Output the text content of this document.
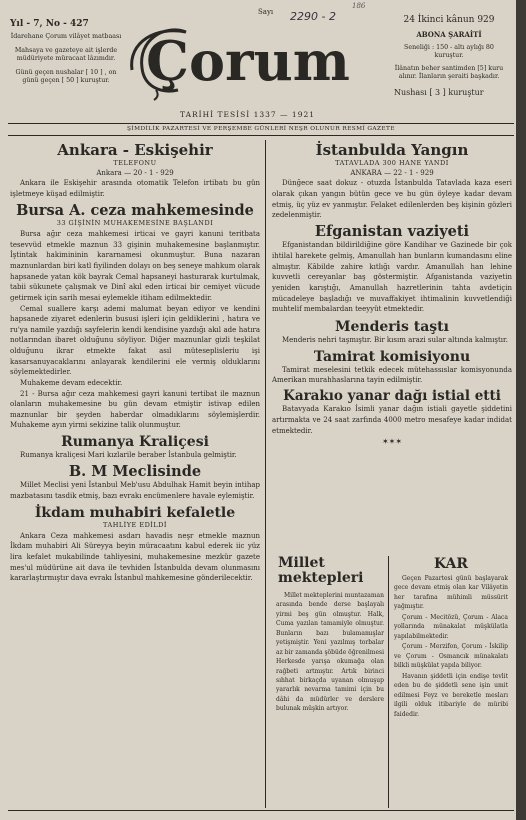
Yıl - 7, No - 427

İdarehane Çorum vilâyet matbaası

Mahsaya ve gazeteye ait işlerde müdüriyete müracaat lâzımdır.

Günü geçen nushalar [ 10 ] , on günü geçen [ 50 ] kuruştur.

Sayı 2290 - 2
186
Çorum
TARİHİ TESİSİ 1337 — 1921

24 İkinci kânun 929

ABONA ŞARAİTİ

Seneliği : 150 - altı aylığı 80 kuruştur.

İlânatın beher santimden [5] kuru alınır. İlanların şeraiti başkadır.

Nushası [ 3 ] kuruştur

ŞİMDİLİK PAZARTESİ VE PERŞEMBE GÜNLERİ NEŞR OLUNUR RESMÎ GAZETE
Ankara - Eskişehir
TELEFONU
Ankara — 20 - 1 - 929

Ankara ile Eskişehir arasında otomatik Telefon irtibatı bu gün işletmeye küşad edilmiştir.

Bursa A. ceza mahkemesinde
33 GİŞİNİN MUHAKEMESİNE BAŞLANDI

Bursa ağır ceza mahkemesi irticai ve gayri kanuni teritbata tesevvüd etmekle maznun 33 gişinin muhakemesine başlanmıştır. İştintak hakimininin kararnamesi okunmuştur. Buna nazaran maznunlardan biri katl fiyilinden dolayı on beş seneye mahkum olarak hapsanede yatan kök bayrak Cemal hapsaneyi hasturarak kurtulmak, tabii sükunete çalışmak ve Dinî akıl eden irticai bir cemiyet vücude getirmek için sarih mesai eylemekle itiham edilmektedir.

Cemal suallere karşı ademi malumat beyan ediyor ve kendini hapsanede ziyaret edenlerin bususi işleri için geldiklerini , hatıra ve ru'ya namile yazdığı sayfelerin kendi kendisine yazdığı akıl ade hatıra notlarından ibaret olduğunu söyliyor. Diğer maznunlar gizli teşkilat olduğunu ikrar etmekte fakat asıl müteseplisleriu işi kasarsanuyacaklarını anlayarak kendilerini ele vermiş olduklarını söylemektedirler.

Muhakeme devam edecektir.

21 - Bursa ağır ceza mahkemesi gayri kanuni tertibat ile maznun olanların muhakemesine bu gün devam etmiştir istivap edilen maznunlar bir şeyden haberdar olmadıklarını söylemişlerdir. Muhakeme ayın yirmi sekizine talik olunmuştur.

Rumanya Kraliçesi

Rumanya kraliçesi Mari kızlarile beraber İstanbula gelmiştir.

B. M Meclisinde

Millet Meclisi yeni İstanbul Meb'usu Abdulhak Hamit beyin intihap mazbatasını tasdik etmiş, bazı evrakı encümenlere havale eylemiştir.

İkdam muhabiri kefaletle
TAHLİYE EDİLDİ

Ankara Ceza mahkemesi asdarı havadis neşr etmekle maznun İkdam muhabiri Ali Süreyya beyin müracaatını kabul ederek iic yüz lira kefalet mukabilinde tahliyesini, muhakemesine mezkür gazete mes'ul müdürüne ait dava ile tevhiden İstanbulda devam olunmasını kararlaştırmıştır dava evrakı İstanbul mahkemesine gönderilecektir.

İstanbulda Yangın
TATAVLADA 300 HANE YANDI
ANKARA — 22 - 1 - 929

Dünğece saat dokuz - otuzda İstanbulda Tatavlada kaza eseri olarak çıkan yangın bütün gece ve bu gün öyleye kadar devam etmiş, üç yüz ev yanmıştır. Felaket edilenlerden beş kişinin gözleri zedelenmiştir.

Efganistan vaziyeti

Efganistandan bildirildiğine göre Kandihar ve Gazinede bir çok ihtilal harekete gelmiş, Amanullah han bunların kumandasını eline almıştır. Kâbilde zahire kıtlığı vardır. Amanullah han lehine kuvvetli cereyanlar baş göstermiştir. Afganistanda vaziyetin yeniden karıştığı, Amanullah hazretlerinin tahta avdetiçin mücadeleye başladığı ve muvaffakiyet ihtimalinin kuvvetlendiği muhtelif membalardan teeyyüt etmektedir.

Menderis taştı

Menderis nehri taşmıştır. Bir kısım arazi sular altında kalmıştır.

Tamirat komisiyonu

Tamirat meselesini tetkik edecek mütehassıslar komisyonunda Amerikan murahhaslarına tayin edilmiştir.

Karakıo yanar dağı istial etti

Batavyada Karakıo İsimli yanar dağın istiali gayetle şiddetini artırmakta ve 24 saat zarfında 4000 metro mesafeye kadar indidat etmektedir.

✶✶✶
Millet mektepleri

Millet mekteplerini muntazaman arasında bende derse başlayalı yirmi beş gün olmuştur. Halk, Cuma yazılan tamamiyle olmuştur. Bunların bazı bulamamışlar yetişmiştir. Yeni yazılmış torbalar az bir zamanda şöbüde öğrenilmesi Herkesde yarışa okumağa olan rağbeti artmıştır. Artık birinci sıhhat birkaçda uyanan olmuşup yararlık nevarma tamimi için bu dâhi da müdürler ve derslere bulunak müşkin artıyor.

KAR

Geçen Pazartesi günü başlayarak gece devam etmiş olan kar Vilâyetin her tarafına mühimli müssürit yağmıştır.

Çorum - Mecitözü, Çorum - Alaca yollarında münakalat müşkülatla yapılabilmektedir.

Çorum - Merzifon, Çorum - İskilip ve Çorum - Osmancık münakalatı bilkli müşkülat yapıla biliyor.

Havanın şiddetli için endişe tevlit eden bu de şiddetli sene işin umit edilmesi Feyz ve bereketle mesları ilgili olduk itibariyle de müribi faidedir.
